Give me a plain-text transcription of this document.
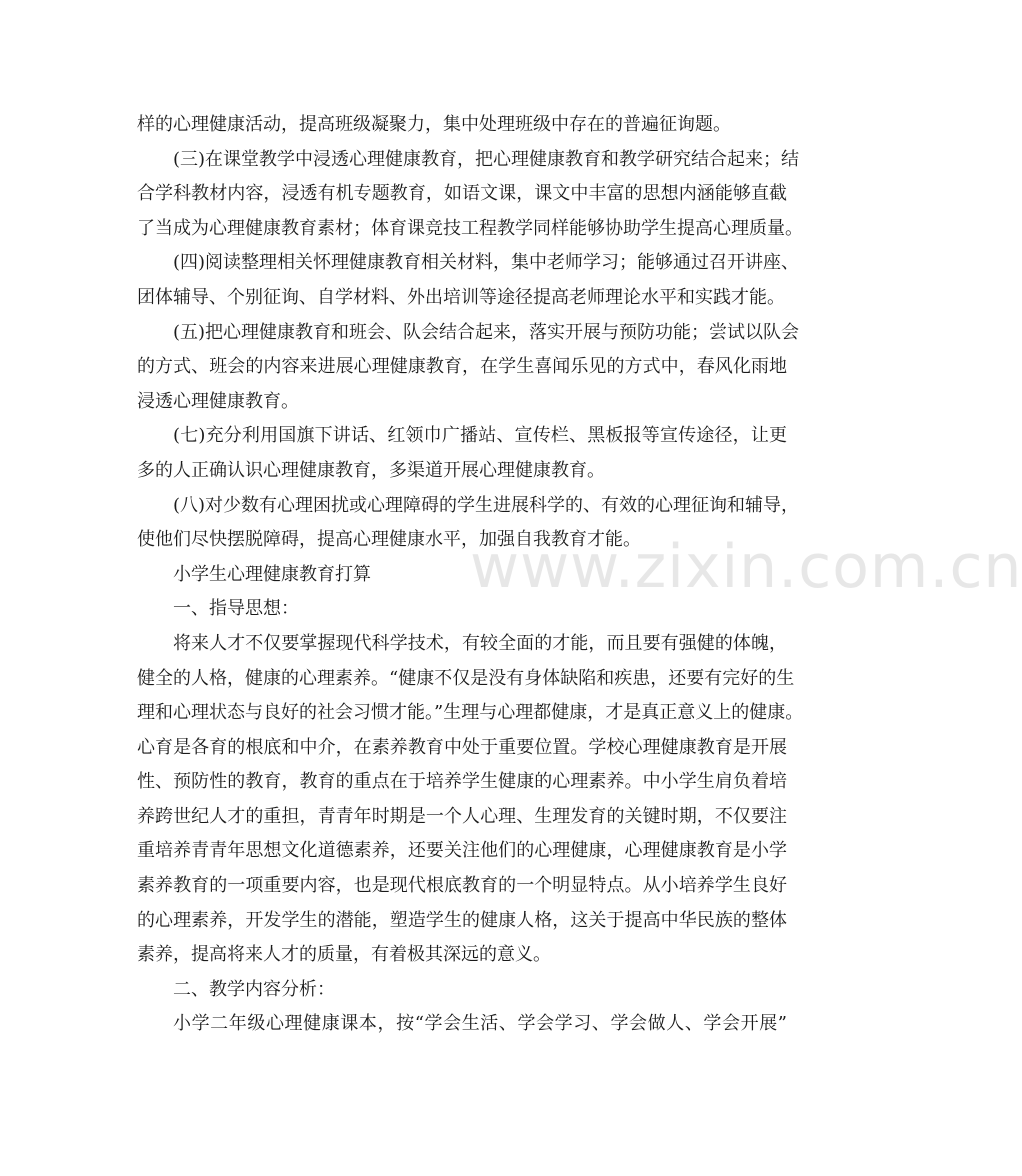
样的心理健康活动，提高班级凝聚力，集中处理班级中存在的普遍征询题。
(三)在课堂教学中浸透心理健康教育，把心理健康教育和教学研究结合起来；结
合学科教材内容，浸透有机专题教育，如语文课，课文中丰富的思想内涵能够直截
了当成为心理健康教育素材；体育课竞技工程教学同样能够协助学生提高心理质量。
(四)阅读整理相关怀理健康教育相关材料，集中老师学习；能够通过召开讲座、
团体辅导、个别征询、自学材料、外出培训等途径提高老师理论水平和实践才能。
(五)把心理健康教育和班会、队会结合起来，落实开展与预防功能；尝试以队会
的方式、班会的内容来进展心理健康教育，在学生喜闻乐见的方式中，春风化雨地
浸透心理健康教育。
(七)充分利用国旗下讲话、红领巾广播站、宣传栏、黑板报等宣传途径，让更
多的人正确认识心理健康教育，多渠道开展心理健康教育。
(八)对少数有心理困扰或心理障碍的学生进展科学的、有效的心理征询和辅导，
使他们尽快摆脱障碍，提高心理健康水平，加强自我教育才能。
小学生心理健康教育打算
一、指导思想：
将来人才不仅要掌握现代科学技术，有较全面的才能，而且要有强健的体魄，
健全的人格，健康的心理素养。“健康不仅是没有身体缺陷和疾患，还要有完好的生
理和心理状态与良好的社会习惯才能。”生理与心理都健康，才是真正意义上的健康。
心育是各育的根底和中介，在素养教育中处于重要位置。学校心理健康教育是开展
性、预防性的教育，教育的重点在于培养学生健康的心理素养。中小学生肩负着培
养跨世纪人才的重担，青青年时期是一个人心理、生理发育的关键时期，不仅要注
重培养青青年思想文化道德素养，还要关注他们的心理健康，心理健康教育是小学
素养教育的一项重要内容，也是现代根底教育的一个明显特点。从小培养学生良好
的心理素养，开发学生的潜能，塑造学生的健康人格，这关于提高中华民族的整体
素养，提高将来人才的质量，有着极其深远的意义。
二、教学内容分析：
小学二年级心理健康课本，按“学会生活、学会学习、学会做人、学会开展”
www.zixin.com.cn
